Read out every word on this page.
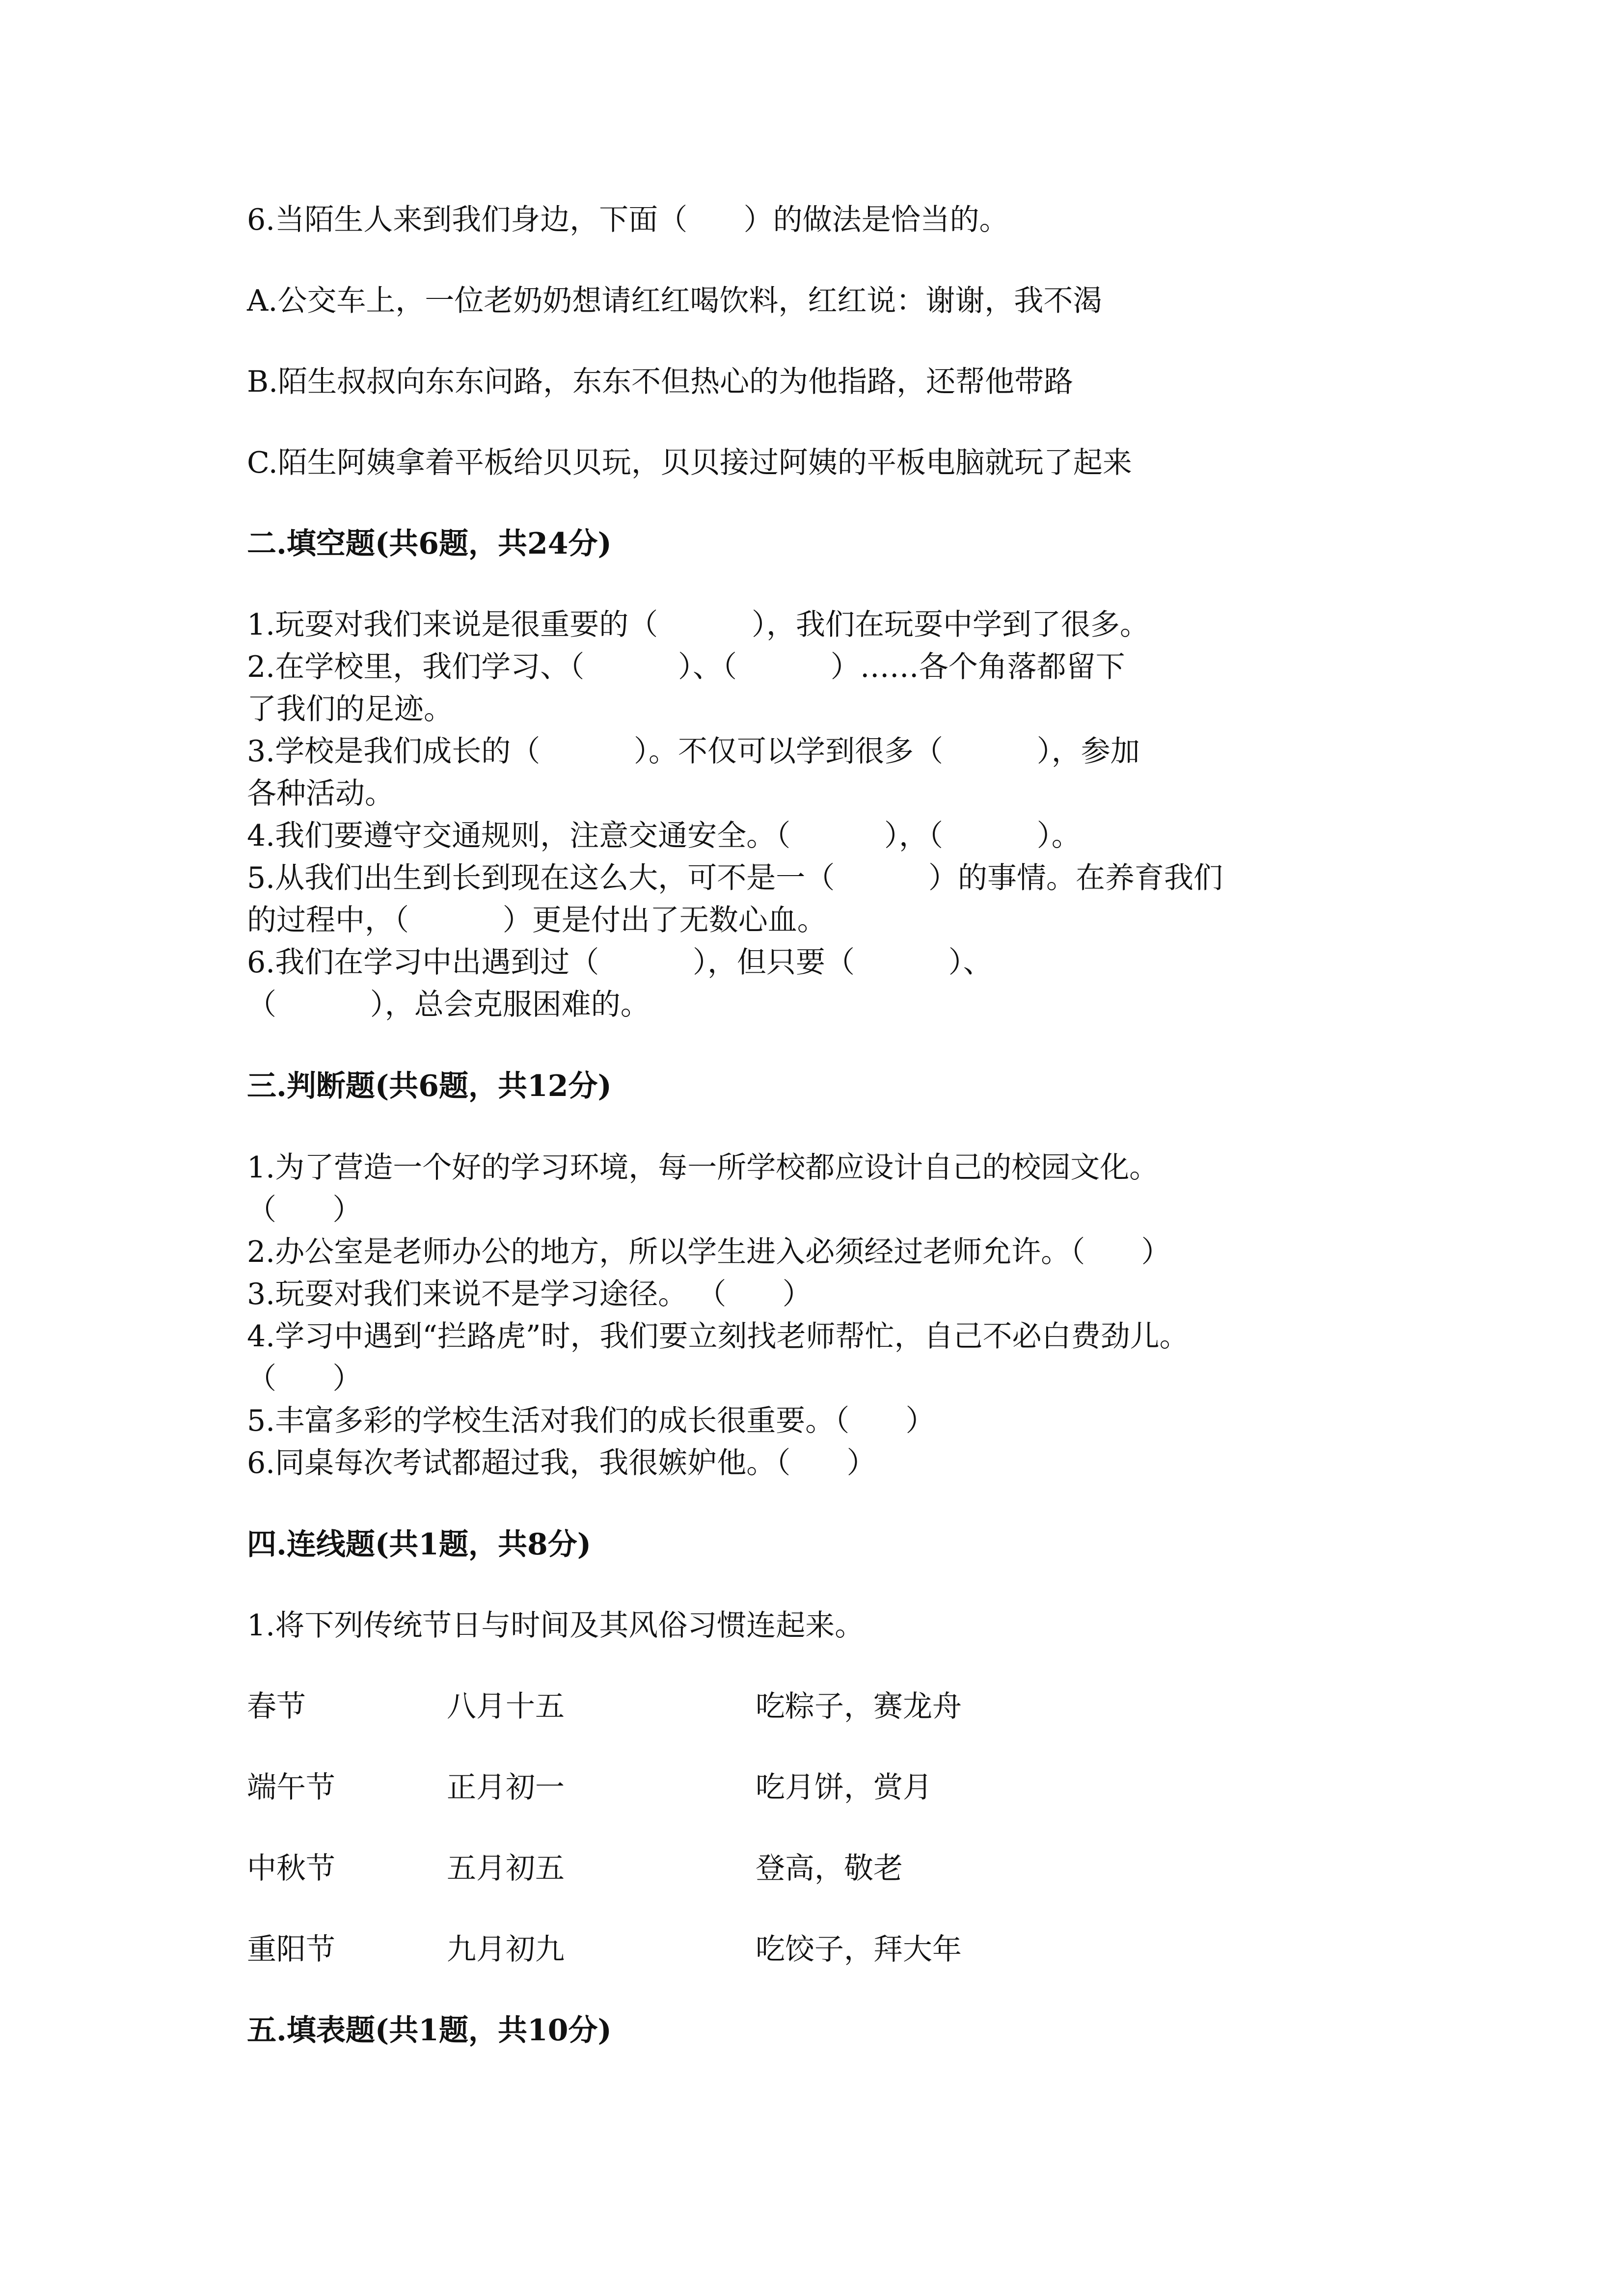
6.当陌生人来到我们身边，下面（      ）的做法是恰当的。
A.公交车上，一位老奶奶想请红红喝饮料，红红说：谢谢，我不渴
B.陌生叔叔向东东问路，东东不但热心的为他指路，还帮他带路
C.陌生阿姨拿着平板给贝贝玩，贝贝接过阿姨的平板电脑就玩了起来
二.填空题(共6题，共24分)
1.玩耍对我们来说是很重要的（          ），我们在玩耍中学到了很多。
2.在学校里，我们学习、（          ）、（          ）……各个角落都留下
了我们的足迹。
3.学校是我们成长的（          ）。不仅可以学到很多（          ），参加
各种活动。
4.我们要遵守交通规则，注意交通安全。（          ），（          ）。
5.从我们出生到长到现在这么大，可不是一（          ）的事情。在养育我们
的过程中，（          ）更是付出了无数心血。
6.我们在学习中出遇到过（          ），但只要（          ）、
（          ），总会克服困难的。
三.判断题(共6题，共12分)
1.为了营造一个好的学习环境，每一所学校都应设计自己的校园文化。
（      ）
2.办公室是老师办公的地方，所以学生进入必须经过老师允许。（      ）
3.玩耍对我们来说不是学习途径。 （      ）
4.学习中遇到“拦路虎”时，我们要立刻找老师帮忙，自己不必白费劲儿。
（      ）
5.丰富多彩的学校生活对我们的成长很重要。（      ）
6.同桌每次考试都超过我，我很嫉妒他。（      ）
四.连线题(共1题，共8分)
1.将下列传统节日与时间及其风俗习惯连起来。
春节	八月十五	吃粽子，赛龙舟
端午节	正月初一	吃月饼，赏月
中秋节	五月初五	登高，敬老
重阳节	九月初九	吃饺子，拜大年
五.填表题(共1题，共10分)
